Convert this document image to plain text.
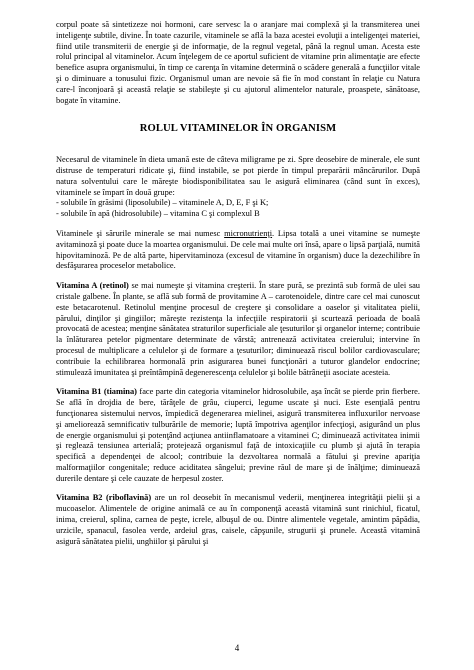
corpul poate să sintetizeze noi hormoni, care servesc la o aranjare mai complexă şi la transmiterea unei inteligenţe subtile, divine. În toate cazurile, vitaminele se află la baza acestei evoluţii a inteligenţei materiei, fiind utile transmiterii de energie şi de informaţie, de la regnul vegetal, până la regnul uman. Acesta este rolul principal al vitaminelor. Acum înţelegem de ce aportul suficient de vitamine prin alimentaţie are efecte benefice asupra organismului, în timp ce carenţa în vitamine determină o scădere generală a funcţiilor vitale şi o diminuare a tonusului fizic. Organismul uman are nevoie să fie în mod constant în relaţie cu Natura care-l înconjoară şi această relaţie se stabileşte şi cu ajutorul alimentelor naturale, proaspete, sănătoase, bogate în vitamine.

ROLUL VITAMINELOR ÎN ORGANISM

Necesarul de vitaminele în dieta umană este de câteva miligrame pe zi. Spre deosebire de minerale, ele sunt distruse de temperaturi ridicate şi, fiind instabile, se pot pierde în timpul preparării mâncărurilor. După natura solventului care le măreşte biodisponibilitatea sau le asigură eliminarea (când sunt în exces), vitaminele se împart în două grupe:

- solubile în grăsimi (liposolubile) – vitaminele A, D, E, F şi K;
- solubile în apă (hidrosolubile) – vitamina C şi complexul B

Vitaminele şi sărurile minerale se mai numesc micronutrienţi. Lipsa totală a unei vitamine se numeşte avitaminoză şi poate duce la moartea organismului. De cele mai multe ori însă, apare o lipsă parţială, numită hipovitaminoză. Pe de altă parte, hipervitaminoza (excesul de vitamine în organism) duce la dezechilibre în desfăşurarea proceselor metabolice.

Vitamina A (retinol) se mai numeşte şi vitamina creşterii. În stare pură, se prezintă sub formă de ulei sau cristale galbene. În plante, se află sub formă de provitamine A – carotenoidele, dintre care cel mai cunoscut este betacarotenul. Retinolul menţine procesul de creştere şi consolidare a oaselor şi vitalitatea pielii, părului, dinţilor şi gingiilor; măreşte rezistenţa la infecţiile respiratorii şi scurtează perioada de boală provocată de acestea; menţine sănătatea straturilor superficiale ale ţesuturilor şi organelor interne; contribuie la înlăturarea petelor pigmentare determinate de vârstă; antrenează activitatea creierului; intervine în procesul de multiplicare a celulelor şi de formare a ţesuturilor; diminuează riscul bolilor cardiovasculare; contribuie la echilibrarea hormonală prin asigurarea bunei funcţionări a tuturor glandelor endocrine; stimulează imunitatea şi preîntâmpină degenerescenţa celulelor şi bolile bătrâneţii asociate acesteia.

Vitamina B1 (tiamina) face parte din categoria vitaminelor hidrosolubile, aşa încât se pierde prin fierbere. Se află în drojdia de bere, tărâţele de grâu, ciuperci, legume uscate şi nuci. Este esenţială pentru funcţionarea sistemului nervos, împiedică degenerarea mielinei, asigură transmiterea influxurilor nervoase şi ameliorează semnificativ tulburările de memorie; luptă împotriva agenţilor infecţioşi, asigurând un plus de energie organismului şi potenţând acţiunea antiinflamatoare a vitaminei C; diminuează activitatea inimii şi reglează tensiunea arterială; protejează organismul faţă de intoxicaţiile cu plumb şi ajută în terapia specifică a dependenţei de alcool; contribuie la dezvoltarea normală a fătului şi previne apariţia malformaţiilor congenitale; reduce aciditatea sângelui; previne răul de mare şi de înălţime; diminuează durerile dentare şi cele cauzate de herpesul zoster.

Vitamina B2 (riboflavină) are un rol deosebit în mecanismul vederii, menţinerea integrităţii pielii şi a mucoaselor. Alimentele de origine animală ce au în componenţă această vitamină sunt rinichiul, ficatul, inima, creierul, splina, carnea de peşte, icrele, albuşul de ou. Dintre alimentele vegetale, amintim păpădia, urzicile, spanacul, fasolea verde, ardeiul gras, caisele, căpşunile, strugurii şi prunele. Această vitamină asigură sănătatea pielii, unghiilor şi părului şi

4
